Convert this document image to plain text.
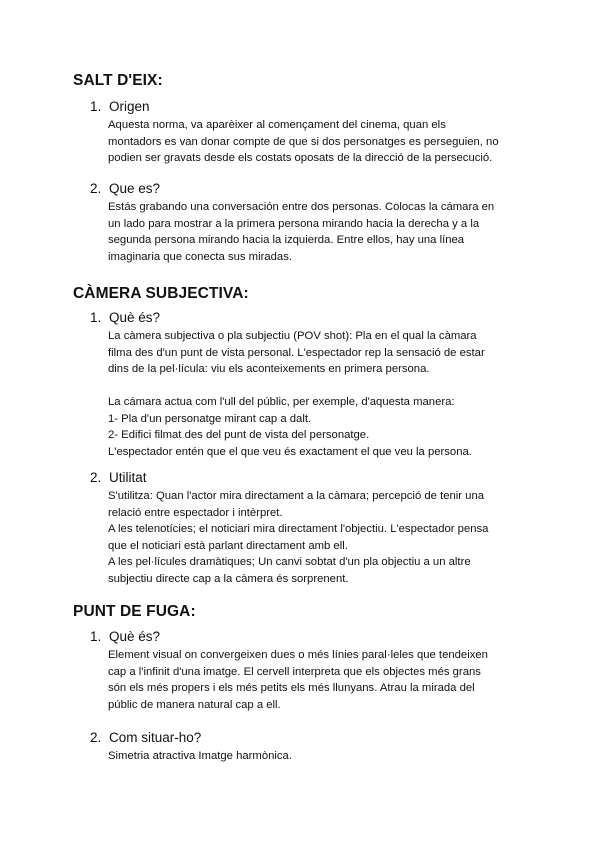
SALT D'EIX:
1. Origen
Aquesta norma, va aparèixer al començament del cinema, quan els
montadors es van donar compte de que si dos personatges es perseguien, no
podien ser gravats desde els costats oposats de la direcció de la persecució.
2. Que es?
Estás grabando una conversación entre dos personas. Colocas la cámara en
un lado para mostrar a la primera persona mirando hacia la derecha y a la
segunda persona mirando hacia la izquierda. Entre ellos, hay una línea
imaginaria que conecta sus miradas.
CÀMERA SUBJECTIVA:
1. Què és?
La càmera subjectiva o pla subjectiu (POV shot): Pla en el qual la càmara
filma des d'un punt de vista personal. L'espectador rep la sensació de estar
dins de la pel·lícula: viu els aconteixements en primera persona.
La cámara actua com l'ull del públic, per exemple, d'aquesta manera:
1- Pla d'un personatge mirant cap a dalt.
2- Edifici filmat des del punt de vista del personatge.
L'espectador entén que el que veu és exactament el que veu la persona.
2. Utilitat
S'utilitza: Quan l'actor mira directament a la càmara; percepció de tenir una
relació entre espectador i intèrpret.
A les telenotícies; el noticiari mira directament l'objectiu. L'espectador pensa
que el noticiari està parlant directament amb ell.
A les pel·lícules dramàtiques; Un canvi sobtat d'un pla objectiu a un altre
subjectiu directe cap a la càmera és sorprenent.
PUNT DE FUGA:
1. Què és?
Element visual on convergeixen dues o més línies paral·leles que tendeixen
cap a l'infinit d'una imatge. El cervell interpreta que els objectes més grans
són els més propers i els més petits els més llunyans. Atrau la mirada del
públic de manera natural cap a ell.
2. Com situar-ho?
Simetria atractiva Imatge harmònica.
